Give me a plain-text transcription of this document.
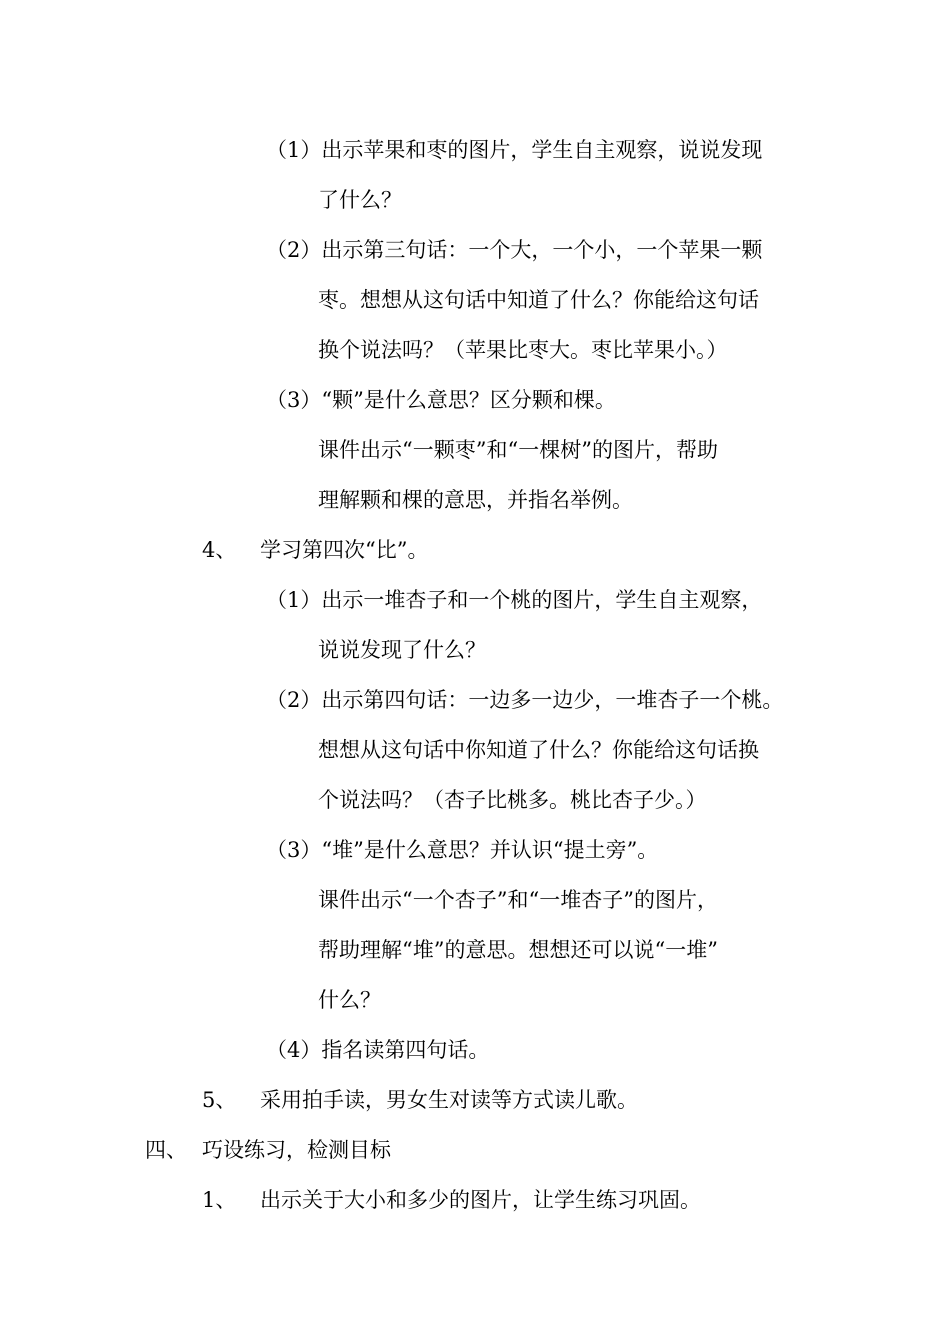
（1）出示苹果和枣的图片，学生自主观察，说说发现
了什么？
（2）出示第三句话：一个大，一个小，一个苹果一颗
枣。想想从这句话中知道了什么？你能给这句话
换个说法吗？（苹果比枣大。枣比苹果小。）
（3）“颗”是什么意思？区分颗和棵。
课件出示“一颗枣”和“一棵树”的图片，帮助
理解颗和棵的意思，并指名举例。
4、 学习第四次“比”。
（1）出示一堆杏子和一个桃的图片，学生自主观察，
说说发现了什么？
（2）出示第四句话：一边多一边少，一堆杏子一个桃。
想想从这句话中你知道了什么？你能给这句话换
个说法吗？（杏子比桃多。桃比杏子少。）
（3）“堆”是什么意思？并认识“提土旁”。
课件出示“一个杏子”和“一堆杏子”的图片，
帮助理解“堆”的意思。想想还可以说“一堆”
什么？
（4）指名读第四句话。
5、 采用拍手读，男女生对读等方式读儿歌。
四、 巧设练习，检测目标
1、 出示关于大小和多少的图片，让学生练习巩固。
